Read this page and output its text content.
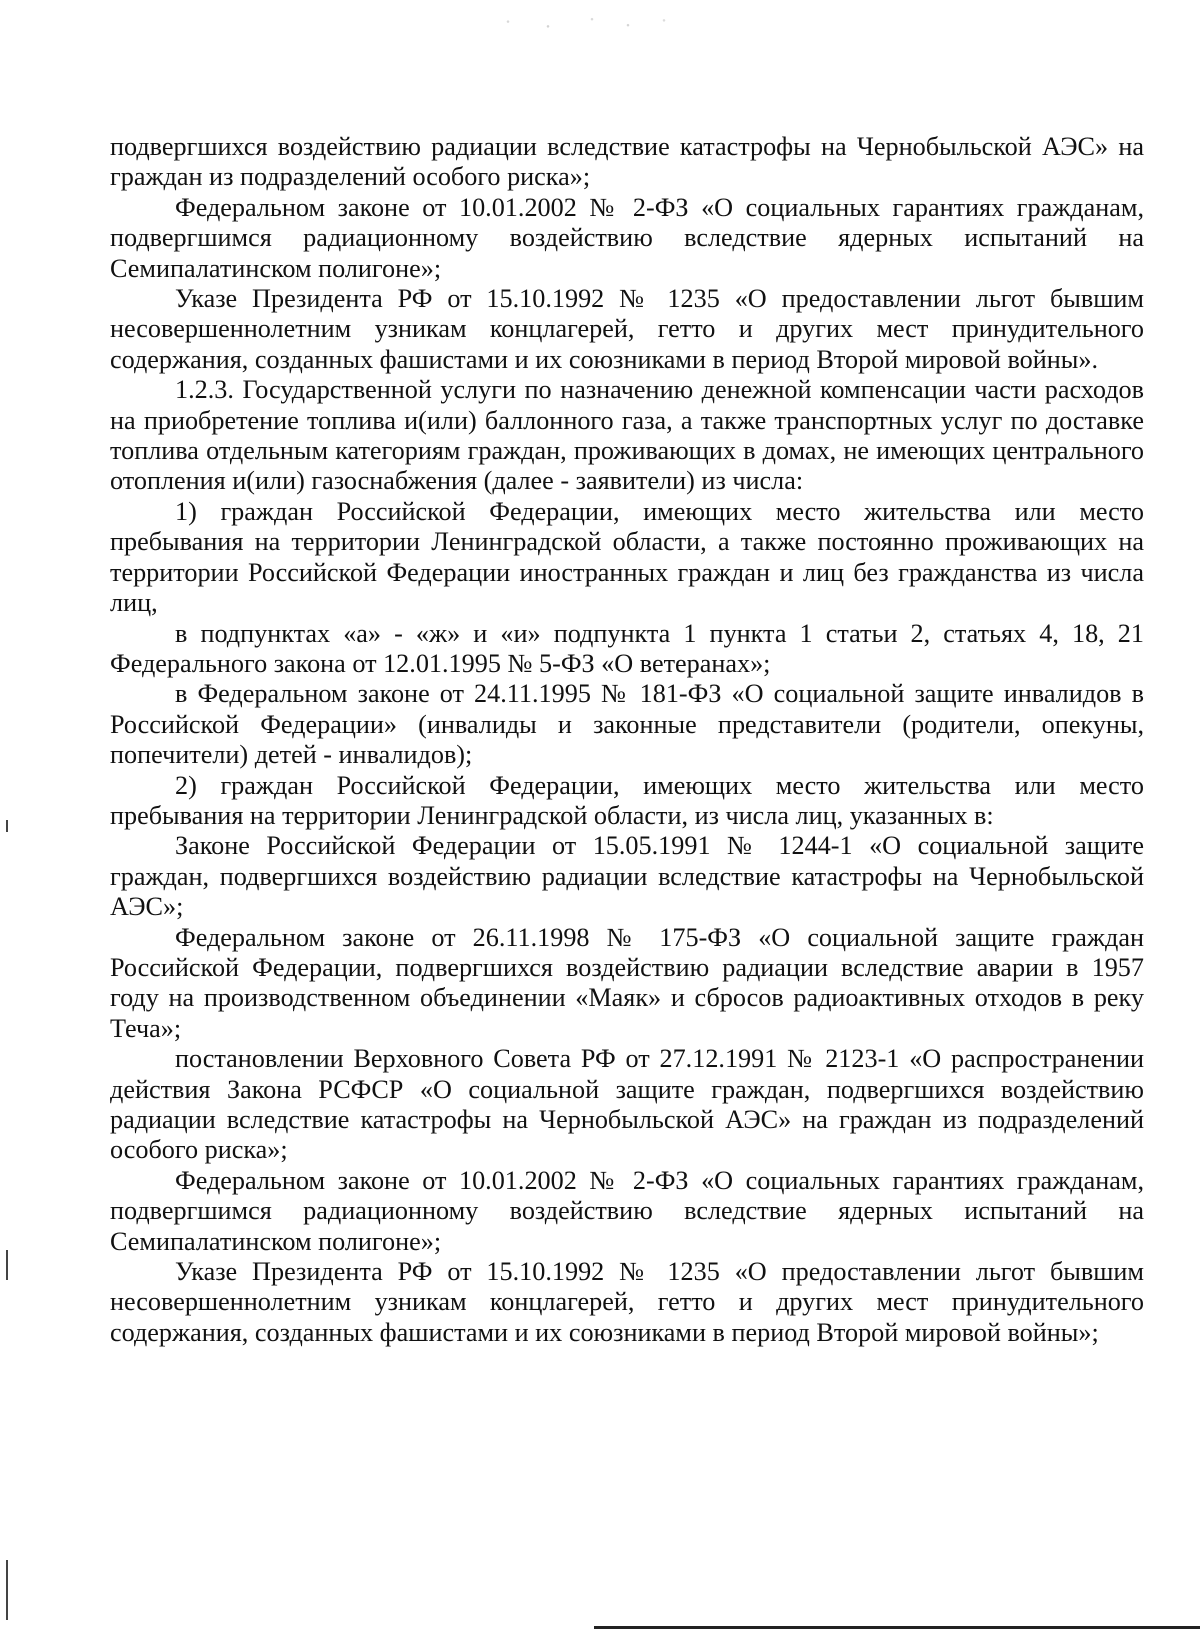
подвергшихся воздействию радиации вследствие катастрофы на Чернобыльской АЭС» на граждан из подразделений особого риска»;

Федеральном законе от 10.01.2002 № 2-ФЗ «О социальных гарантиях гражданам, подвергшимся радиационному воздействию вследствие ядерных испытаний на Семипалатинском полигоне»;

Указе Президента РФ от 15.10.1992 № 1235 «О предоставлении льгот бывшим несовершеннолетним узникам концлагерей, гетто и других мест принудительного содержания, созданных фашистами и их союзниками в период Второй мировой войны».

1.2.3. Государственной услуги по назначению денежной компенсации части расходов на приобретение топлива и(или) баллонного газа, а также транспортных услуг по доставке топлива отдельным категориям граждан, проживающих в домах, не имеющих центрального отопления и(или) газоснабжения (далее - заявители) из числа:

1) граждан Российской Федерации, имеющих место жительства или место пребывания на территории Ленинградской области, а также постоянно проживающих на территории Российской Федерации иностранных граждан и лиц без гражданства из числа лиц,

в подпунктах «а» - «ж» и «и» подпункта 1 пункта 1 статьи 2, статьях 4, 18, 21 Федерального закона от 12.01.1995 № 5-ФЗ «О ветеранах»;

в Федеральном законе от 24.11.1995 № 181-ФЗ «О социальной защите инвалидов в Российской Федерации» (инвалиды и законные представители (родители, опекуны, попечители) детей - инвалидов);

2) граждан Российской Федерации, имеющих место жительства или место пребывания на территории Ленинградской области, из числа лиц, указанных в:

Законе Российской Федерации от 15.05.1991 № 1244-1 «О социальной защите граждан, подвергшихся воздействию радиации вследствие катастрофы на Чернобыльской АЭС»;

Федеральном законе от 26.11.1998 № 175-ФЗ «О социальной защите граждан Российской Федерации, подвергшихся воздействию радиации вследствие аварии в 1957 году на производственном объединении «Маяк» и сбросов радиоактивных отходов в реку Теча»;

постановлении Верховного Совета РФ от 27.12.1991 № 2123-1 «О распространении действия Закона РСФСР «О социальной защите граждан, подвергшихся воздействию радиации вследствие катастрофы на Чернобыльской АЭС» на граждан из подразделений особого риска»;

Федеральном законе от 10.01.2002 № 2-ФЗ «О социальных гарантиях гражданам, подвергшимся радиационному воздействию вследствие ядерных испытаний на Семипалатинском полигоне»;

Указе Президента РФ от 15.10.1992 № 1235 «О предоставлении льгот бывшим несовершеннолетним узникам концлагерей, гетто и других мест принудительного содержания, созданных фашистами и их союзниками в период Второй мировой войны»;
